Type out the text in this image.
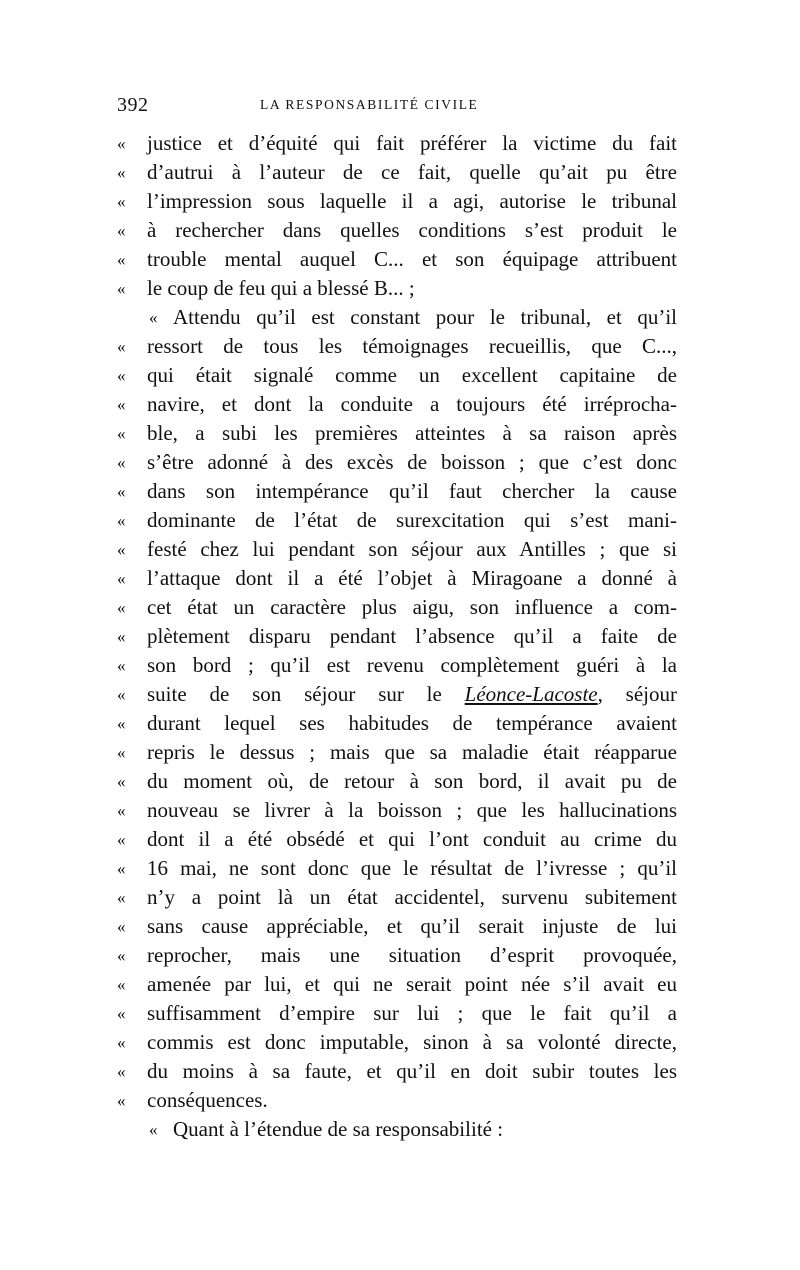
392	LA RESPONSABILITÉ CIVILE
«	justice et d’équité qui fait préférer la victime du fait
«	d’autrui à l’auteur de ce fait, quelle qu’ait pu être
«	l’impression sous laquelle il a agi, autorise le tribunal
«	à rechercher dans quelles conditions s’est produit le
«	trouble mental auquel C... et son équipage attribuent
«	le coup de feu qui a blessé B... ;
« Attendu qu’il est constant pour le tribunal, et qu’il
«	ressort de tous les témoignages recueillis, que C...,
«	qui était signalé comme un excellent capitaine de
«	navire, et dont la conduite a toujours été irréprocha-
«	ble, a subi les premières atteintes à sa raison après
«	s’être adonné à des excès de boisson ; que c’est donc
«	dans son intempérance qu’il faut chercher la cause
«	dominante de l’état de surexcitation qui s’est mani-
«	festé chez lui pendant son séjour aux Antilles ; que si
«	l’attaque dont il a été l’objet à Miragoane a donné à
«	cet état un caractère plus aigu, son influence a com-
«	plètement disparu pendant l’absence qu’il a faite de
«	son bord ; qu’il est revenu complètement guéri à la
«	suite de son séjour sur le Léonce-Lacoste, séjour
«	durant lequel ses habitudes de tempérance avaient
«	repris le dessus ; mais que sa maladie était réapparue
«	du moment où, de retour à son bord, il avait pu de
«	nouveau se livrer à la boisson ; que les hallucinations
«	dont il a été obsédé et qui l’ont conduit au crime du
«	16 mai, ne sont donc que le résultat de l’ivresse ; qu’il
«	n’y a point là un état accidentel, survenu subitement
«	sans cause appréciable, et qu’il serait injuste de lui
«	reprocher, mais une situation d’esprit provoquée,
«	amenée par lui, et qui ne serait point née s’il avait eu
«	suffisamment d’empire sur lui ; que le fait qu’il a
«	commis est donc imputable, sinon à sa volonté directe,
«	du moins à sa faute, et qu’il en doit subir toutes les
«	conséquences.
« Quant à l’étendue de sa responsabilité :
